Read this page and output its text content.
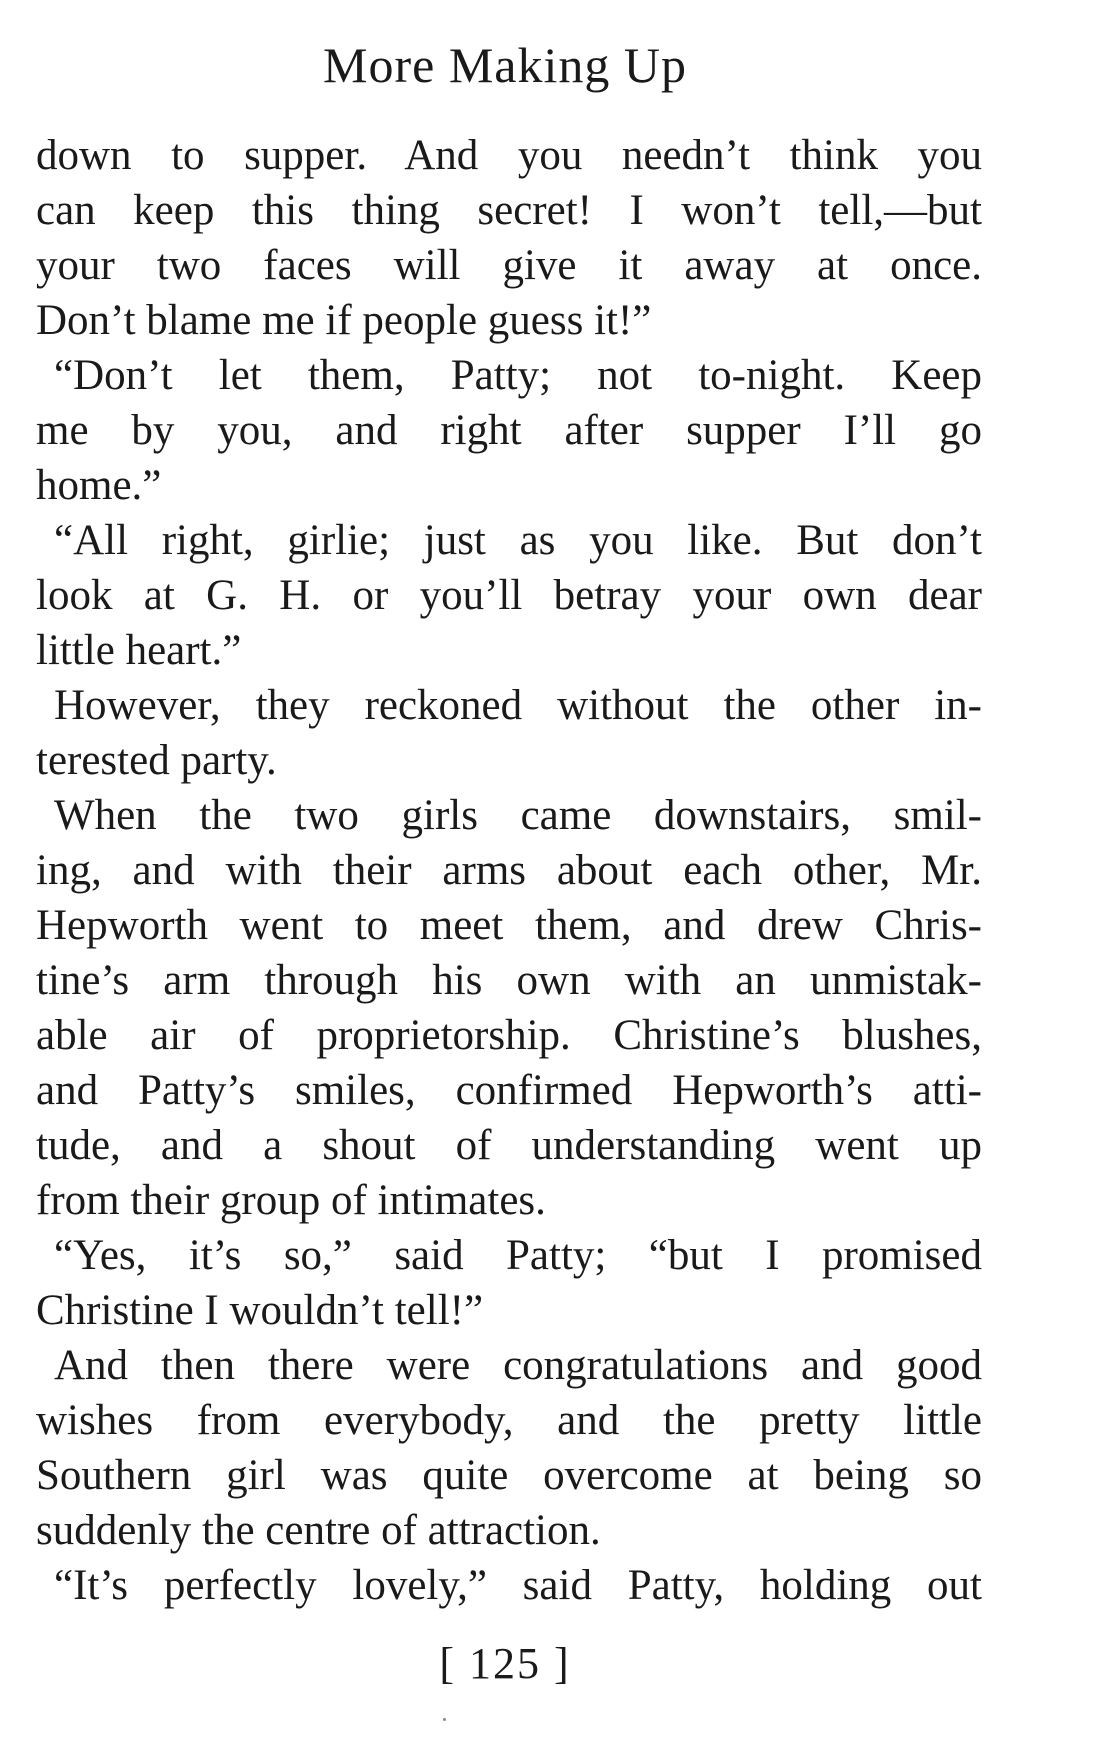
More Making Up
down to supper. And you needn’t think you
can keep this thing secret! I won’t tell,—but
your two faces will give it away at once.
Don’t blame me if people guess it!”
“Don’t let them, Patty; not to-night. Keep
me by you, and right after supper I’ll go
home.”
“All right, girlie; just as you like. But don’t
look at G. H. or you’ll betray your own dear
little heart.”
However, they reckoned without the other in-
terested party.
When the two girls came downstairs, smil-
ing, and with their arms about each other, Mr.
Hepworth went to meet them, and drew Chris-
tine’s arm through his own with an unmistak-
able air of proprietorship. Christine’s blushes,
and Patty’s smiles, confirmed Hepworth’s atti-
tude, and a shout of understanding went up
from their group of intimates.
“Yes, it’s so,” said Patty; “but I promised
Christine I wouldn’t tell!”
And then there were congratulations and good
wishes from everybody, and the pretty little
Southern girl was quite overcome at being so
suddenly the centre of attraction.
“It’s perfectly lovely,” said Patty, holding out
[ 125 ]
